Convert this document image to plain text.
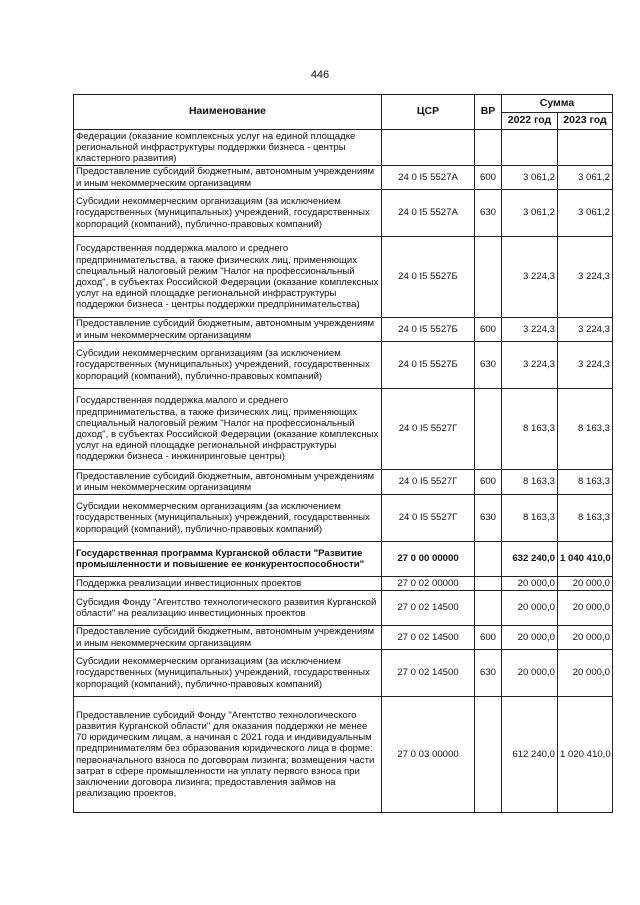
446
Наименование	ЦСР	ВР	Сумма	
			2022 год	2023 год
Федерации (оказание комплексных услуг на единой площадке региональной инфраструктуры поддержки бизнеса - центры кластерного развития)				
Предоставление субсидий бюджетным, автономным учреждениям и иным некоммерческим организациям	24 0 I5 5527А	600	3 061,2	3 061,2
Субсидии некоммерческим организациям (за исключением государственных (муниципальных) учреждений, государственных корпораций (компаний), публично-правовых компаний)	24 0 I5 5527А	630	3 061,2	3 061,2
Государственная поддержка малого и среднего предпринимательства, а также физических лиц, применяющих специальный налоговый режим "Налог на профессиональный доход", в субъектах Российской Федерации (оказание комплексных услуг на единой площадке региональной инфраструктуры поддержки бизнеса - центры поддержки предпринимательства)	24 0 I5 5527Б		3 224,3	3 224,3
Предоставление субсидий бюджетным, автономным учреждениям и иным некоммерческим организациям	24 0 I5 5527Б	600	3 224,3	3 224,3
Субсидии некоммерческим организациям (за исключением государственных (муниципальных) учреждений, государственных корпораций (компаний), публично-правовых компаний)	24 0 I5 5527Б	630	3 224,3	3 224,3
Государственная поддержка малого и среднего предпринимательства, а также физических лиц, применяющих специальный налоговый режим "Налог на профессиональный доход", в субъектах Российской Федерации (оказание комплексных услуг на единой площадке региональной инфраструктуры поддержки бизнеса - инжиниринговые центры)	24 0 I5 5527Г		8 163,3	8 163,3
Предоставление субсидий бюджетным, автономным учреждениям и иным некоммерческим организациям	24 0 I5 5527Г	600	8 163,3	8 163,3
Субсидии некоммерческим организациям (за исключением государственных (муниципальных) учреждений, государственных корпораций (компаний), публично-правовых компаний)	24 0 I5 5527Г	630	8 163,3	8 163,3
Государственная программа Курганской области "Развитие промышленности и повышение ее конкурентоспособности"	27 0 00 00000		632 240,0	1 040 410,0
Поддержка реализации инвестиционных проектов	27 0 02 00000		20 000,0	20 000,0
Субсидия Фонду "Агентство технологического развития Курганской области" на реализацию инвестиционных проектов	27 0 02 14500		20 000,0	20 000,0
Предоставление субсидий бюджетным, автономным учреждениям и иным некоммерческим организациям	27 0 02 14500	600	20 000,0	20 000,0
Субсидии некоммерческим организациям (за исключением государственных (муниципальных) учреждений, государственных корпораций (компаний), публично-правовых компаний)	27 0 02 14500	630	20 000,0	20 000,0
Предоставление субсидий Фонду "Агентство технологического развития Курганской области" для оказания поддержки не менее 70 юридическим лицам, а начиная с 2021 года и индивидуальным предпринимателям без образования юридического лица в форме: первоначального взноса по договорам лизинга; возмещения части затрат в сфере промышленности на уплату первого взноса при заключении договора лизинга; предоставления займов на реализацию проектов,	27 0 03 00000		612 240,0	1 020 410,0
